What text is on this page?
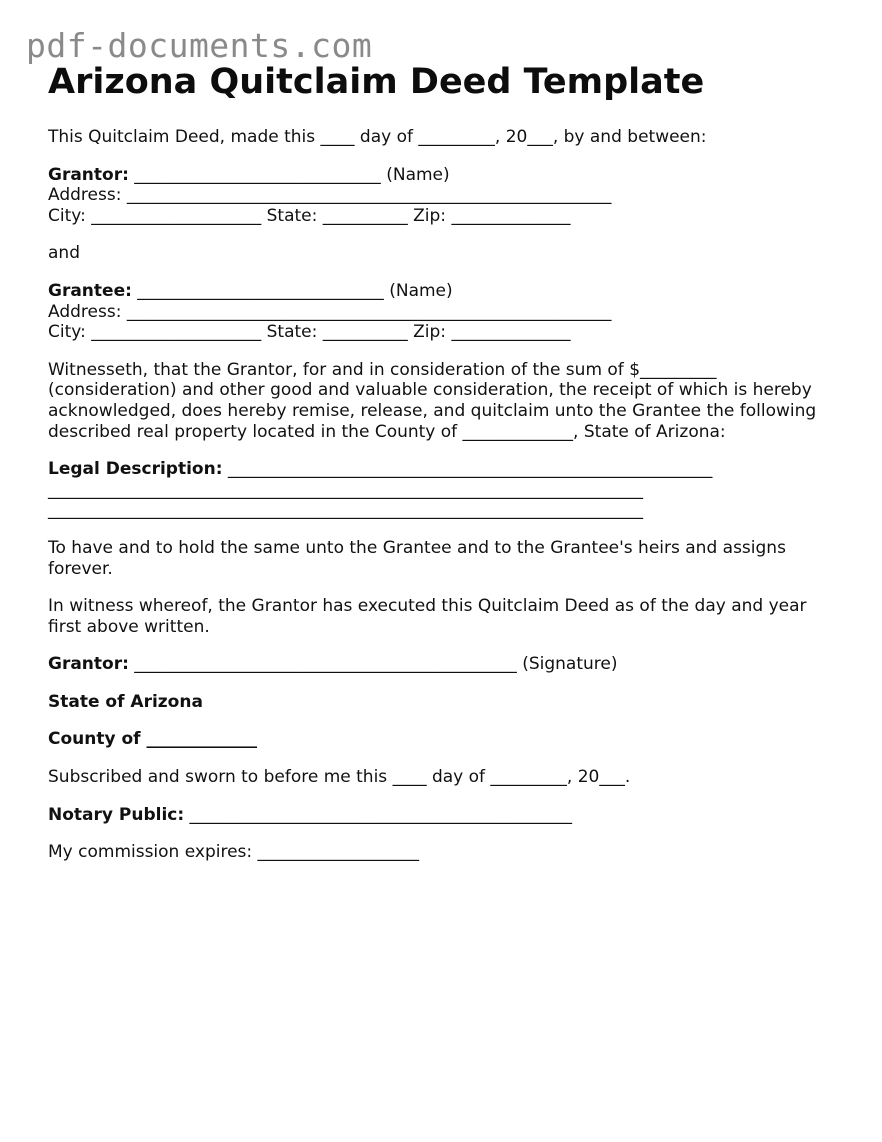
pdf-documents.com
Arizona Quitclaim Deed Template
This Quitclaim Deed, made this ____ day of _________, 20___, by and between:
Grantor: _____________________________ (Name)
Address: _________________________________________________________
City: ____________________ State: __________ Zip: ______________
and
Grantee: _____________________________ (Name)
Address: _________________________________________________________
City: ____________________ State: __________ Zip: ______________
Witnesseth, that the Grantor, for and in consideration of the sum of $_________
(consideration) and other good and valuable consideration, the receipt of which is hereby
acknowledged, does hereby remise, release, and quitclaim unto the Grantee the following
described real property located in the County of _____________, State of Arizona:
Legal Description: _________________________________________________________
______________________________________________________________________
______________________________________________________________________
To have and to hold the same unto the Grantee and to the Grantee's heirs and assigns
forever.
In witness whereof, the Grantor has executed this Quitclaim Deed as of the day and year
first above written.
Grantor: _____________________________________________ (Signature)
State of Arizona
County of _____________
Subscribed and sworn to before me this ____ day of _________, 20___.
Notary Public: _____________________________________________
My commission expires: ___________________
